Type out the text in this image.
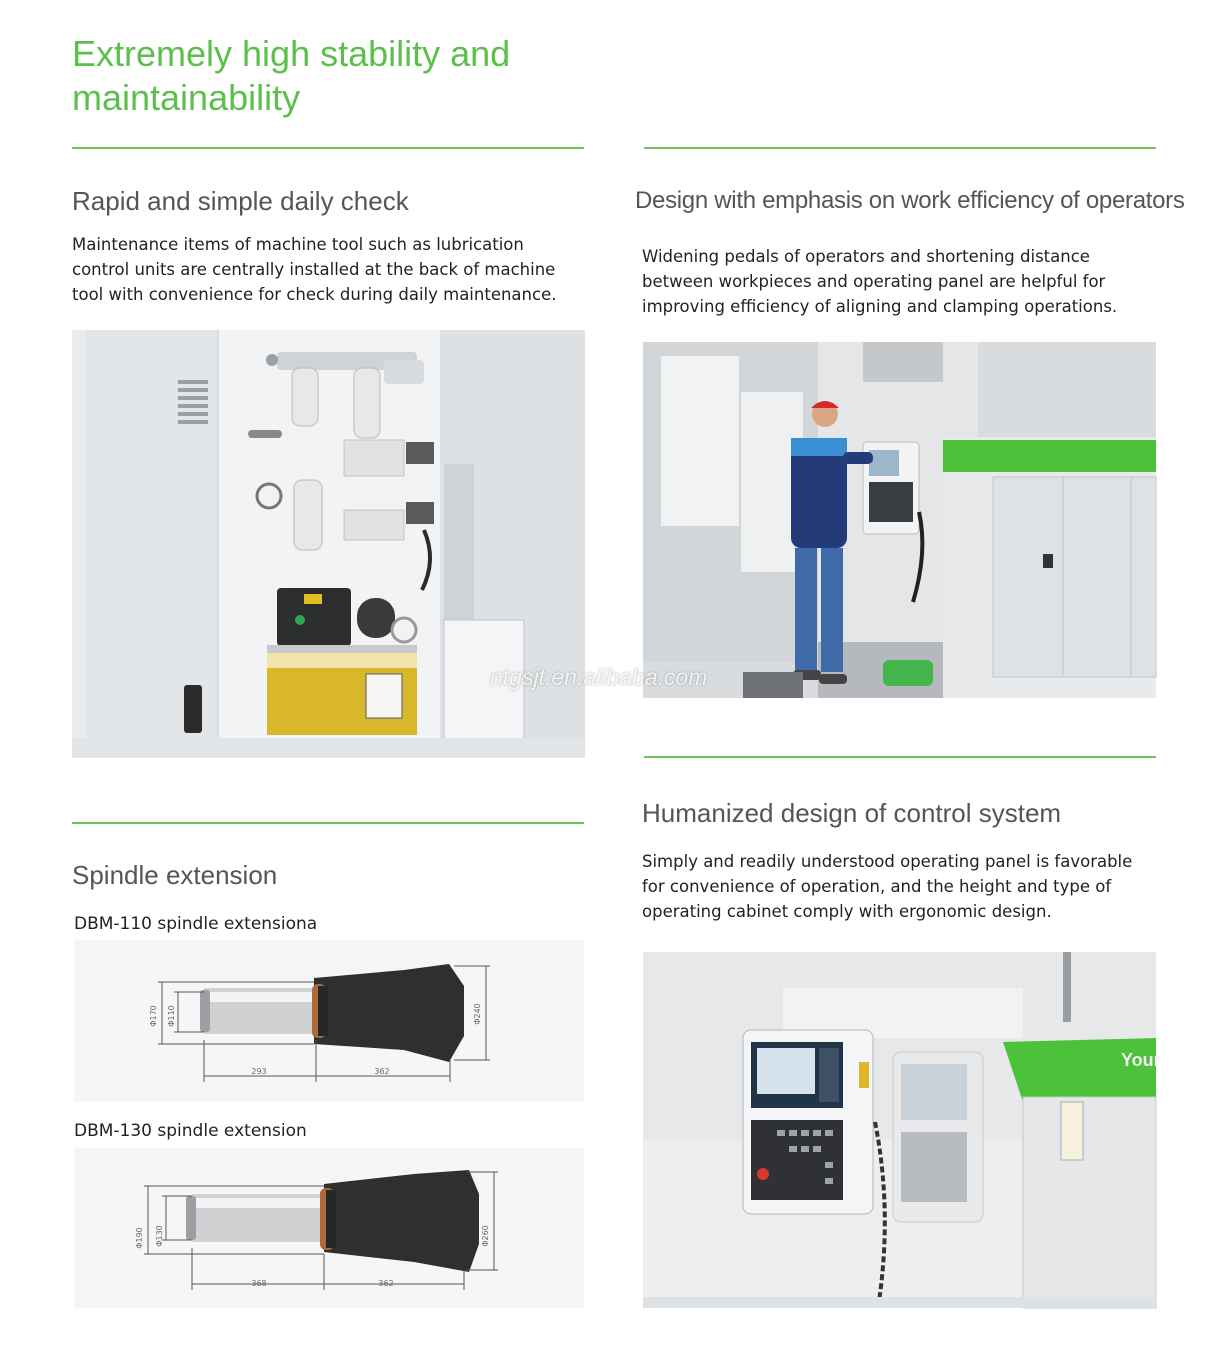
Extremely high stability and maintainability
Rapid and simple daily check
Maintenance items of machine tool such as lubrication control units are centrally installed at the back of machine tool with convenience for check during daily maintenance.
Design with emphasis on work efficiency of operators
Widening pedals of operators and shortening distance between workpieces and operating panel are helpful for improving efficiency of aligning and clamping operations.
ntgsjt.en.alibaba.com
Humanized design of control system
Simply and readily understood operating panel is favorable for convenience of operation, and the height and type of operating cabinet comply with ergonomic design.
Your
Spindle extension
DBM-110 spindle extensiona
Φ170 Φ110	Φ240
293	362
DBM-130 spindle extension
Φ190 Φ130	Φ260
368	362
